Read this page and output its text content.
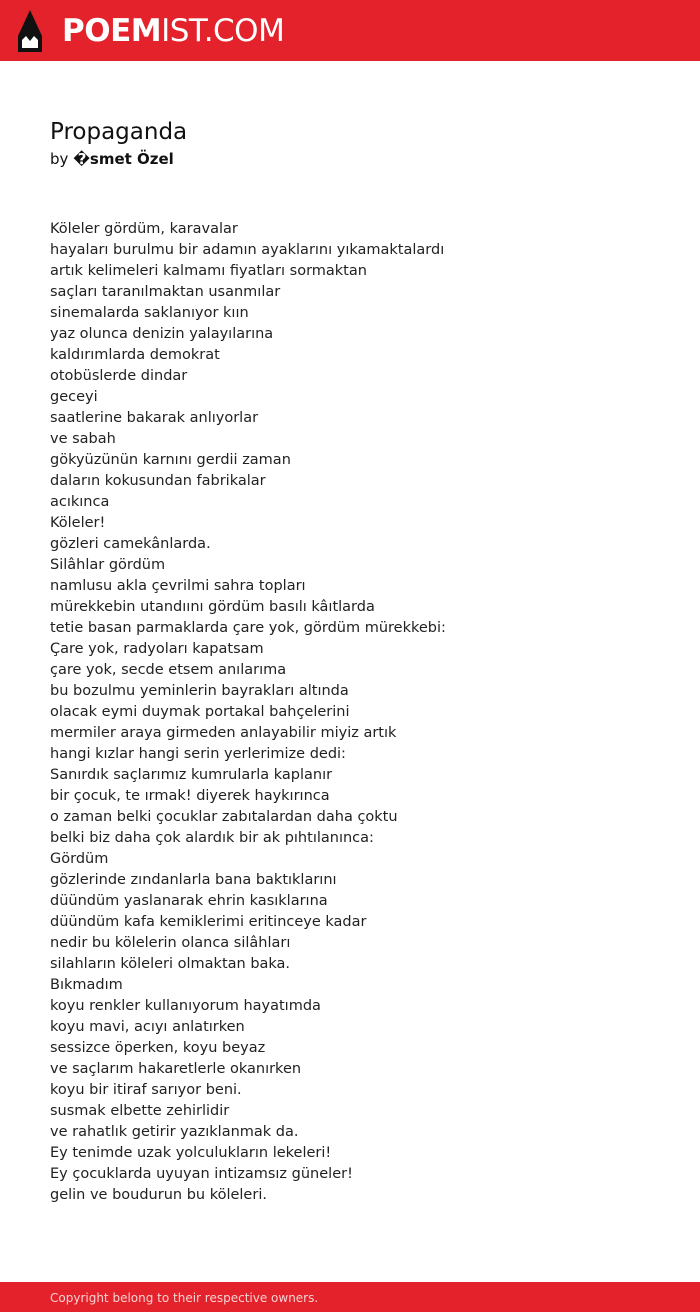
POEMIST.COM
Propaganda
by �smet Özel
Köleler gördüm, karavalar
hayaları burulmu bir adamın ayaklarını yıkamaktalardı
artık kelimeleri kalmamı fiyatları sormaktan
saçları taranılmaktan usanmılar
sinemalarda saklanıyor kıın
yaz olunca denizin yalayılarına
kaldırımlarda demokrat
otobüslerde dindar
geceyi
saatlerine bakarak anlıyorlar
ve sabah
gökyüzünün karnını gerdii zaman
daların kokusundan fabrikalar
acıkınca
Köleler!
gözleri camekânlarda.
Silâhlar gördüm
namlusu akla çevrilmi sahra topları
mürekkebin utandıını gördüm basılı kâıtlarda
tetie basan parmaklarda çare yok, gördüm mürekkebi:
Çare yok, radyoları kapatsam
çare yok, secde etsem anılarıma
bu bozulmu yeminlerin bayrakları altında
olacak eymi duymak portakal bahçelerini
mermiler araya girmeden anlayabilir miyiz artık
hangi kızlar hangi serin yerlerimize dedi:
Sanırdık saçlarımız kumrularla kaplanır
bir çocuk, te ırmak! diyerek haykırınca
o zaman belki çocuklar zabıtalardan daha çoktu
belki biz daha çok alardık bir ak pıhtılanınca:
Gördüm
gözlerinde zındanlarla bana baktıklarını
düündüm yaslanarak ehrin kasıklarına
düündüm kafa kemiklerimi eritinceye kadar
nedir bu kölelerin olanca silâhları
silahların köleleri olmaktan baka.
Bıkmadım
koyu renkler kullanıyorum hayatımda
koyu mavi, acıyı anlatırken
sessizce öperken, koyu beyaz
ve saçlarım hakaretlerle okanırken
koyu bir itiraf sarıyor beni.
susmak elbette zehirlidir
ve rahatlık getirir yazıklanmak da.
Ey tenimde uzak yolculukların lekeleri!
Ey çocuklarda uyuyan intizamsız güneler!
gelin ve boudurun bu köleleri.
Copyright belong to their respective owners.
